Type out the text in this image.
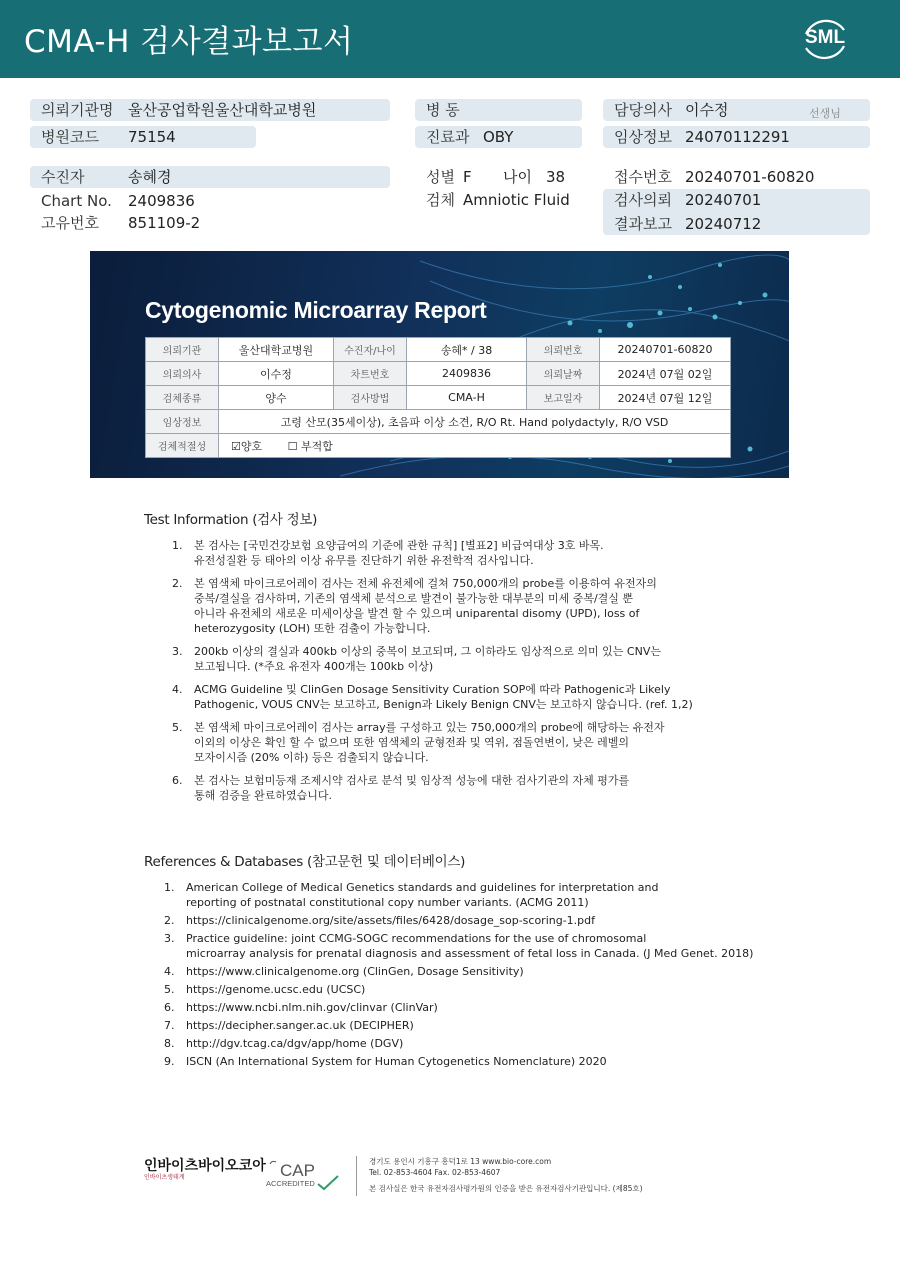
CMA-H 검사결과보고서	SML
의뢰기관명 울산공업학원울산대학교병원
병원코드 75154
병 동
진료과 OBY
담당의사 이수정	선생님
임상정보 24070112291
수진자	송혜경
Chart No. 2409836
고유번호 851109-2
성별 F 나이 38
검체 Amniotic Fluid
접수번호 20240701-60820
검사의뢰 20240701
결과보고 20240712
Cytogenomic Microarray Report
의뢰기관	울산대학교병원	수진자/나이	송혜* / 38	의뢰번호	20240701-60820
의뢰의사	이수정	차트번호	2409836	의뢰날짜	2024년 07월 02일
검체종류	양수	검사방법	CMA-H	보고일자	2024년 07월 12일
임상정보	고령 산모(35세이상), 초음파 이상 소견, R/O Rt. Hand polydactyly, R/O VSD				
검체적절성	☑양호 ☐ 부적합				
Test Information (검사 정보)
1. 본 검사는 [국민건강보험 요양급여의 기준에 관한 규칙] [별표2] 비급여대상 3호 바목.
유전성질환 등 태아의 이상 유무를 진단하기 위한 유전학적 검사입니다.
2. 본 염색체 마이크로어레이 검사는 전체 유전체에 걸쳐 750,000개의 probe를 이용하여 유전자의
중복/결실을 검사하며, 기존의 염색체 분석으로 발견이 불가능한 대부분의 미세 중복/결실 뿐
아니라 유전체의 새로운 미세이상을 발견 할 수 있으며 uniparental disomy (UPD), loss of
heterozygosity (LOH) 또한 검출이 가능합니다.
3. 200kb 이상의 결실과 400kb 이상의 중복이 보고되며, 그 이하라도 임상적으로 의미 있는 CNV는
보고됩니다. (*주요 유전자 400개는 100kb 이상)
4. ACMG Guideline 및 ClinGen Dosage Sensitivity Curation SOP에 따라 Pathogenic과 Likely
Pathogenic, VOUS CNV는 보고하고, Benign과 Likely Benign CNV는 보고하지 않습니다. (ref. 1,2)
5. 본 염색체 마이크로어레이 검사는 array를 구성하고 있는 750,000개의 probe에 해당하는 유전자
이외의 이상은 확인 할 수 없으며 또한 염색체의 균형전좌 및 역위, 점돌연변이, 낮은 레벨의
모자이시즘 (20% 이하) 등은 검출되지 않습니다.
6. 본 검사는 보험미등재 조제시약 검사로 분석 및 임상적 성능에 대한 검사기관의 자체 평가를
통해 검증을 완료하였습니다.
References & Databases (참고문헌 및 데이터베이스)
1. American College of Medical Genetics standards and guidelines for interpretation and
reporting of postnatal constitutional copy number variants. (ACMG 2011)
2. https://clinicalgenome.org/site/assets/files/6428/dosage_sop-scoring-1.pdf
3. Practice guideline: joint CCMG-SOGC recommendations for the use of chromosomal
microarray analysis for prenatal diagnosis and assessment of fetal loss in Canada. (J Med Genet. 2018)
4. https://www.clinicalgenome.org (ClinGen, Dosage Sensitivity)
5. https://genome.ucsc.edu (UCSC)
6. https://www.ncbi.nlm.nih.gov/clinvar (ClinVar)
7. https://decipher.sanger.ac.uk (DECIPHER)
8. http://dgv.tcag.ca/dgv/app/home (DGV)
9. ISCN (An International System for Human Cytogenetics Nomenclature) 2020
인바이츠바이오코아
인바이츠생태계	CAP
ACCREDITED
경기도 용인시 기흥구 흥덕1로 13 www.bio-core.com
Tel. 02-853-4604 Fax. 02-853-4607
본 검사실은 한국 유전자검사평가원의 인증을 받은 유전자검사기관입니다. (제85호)
